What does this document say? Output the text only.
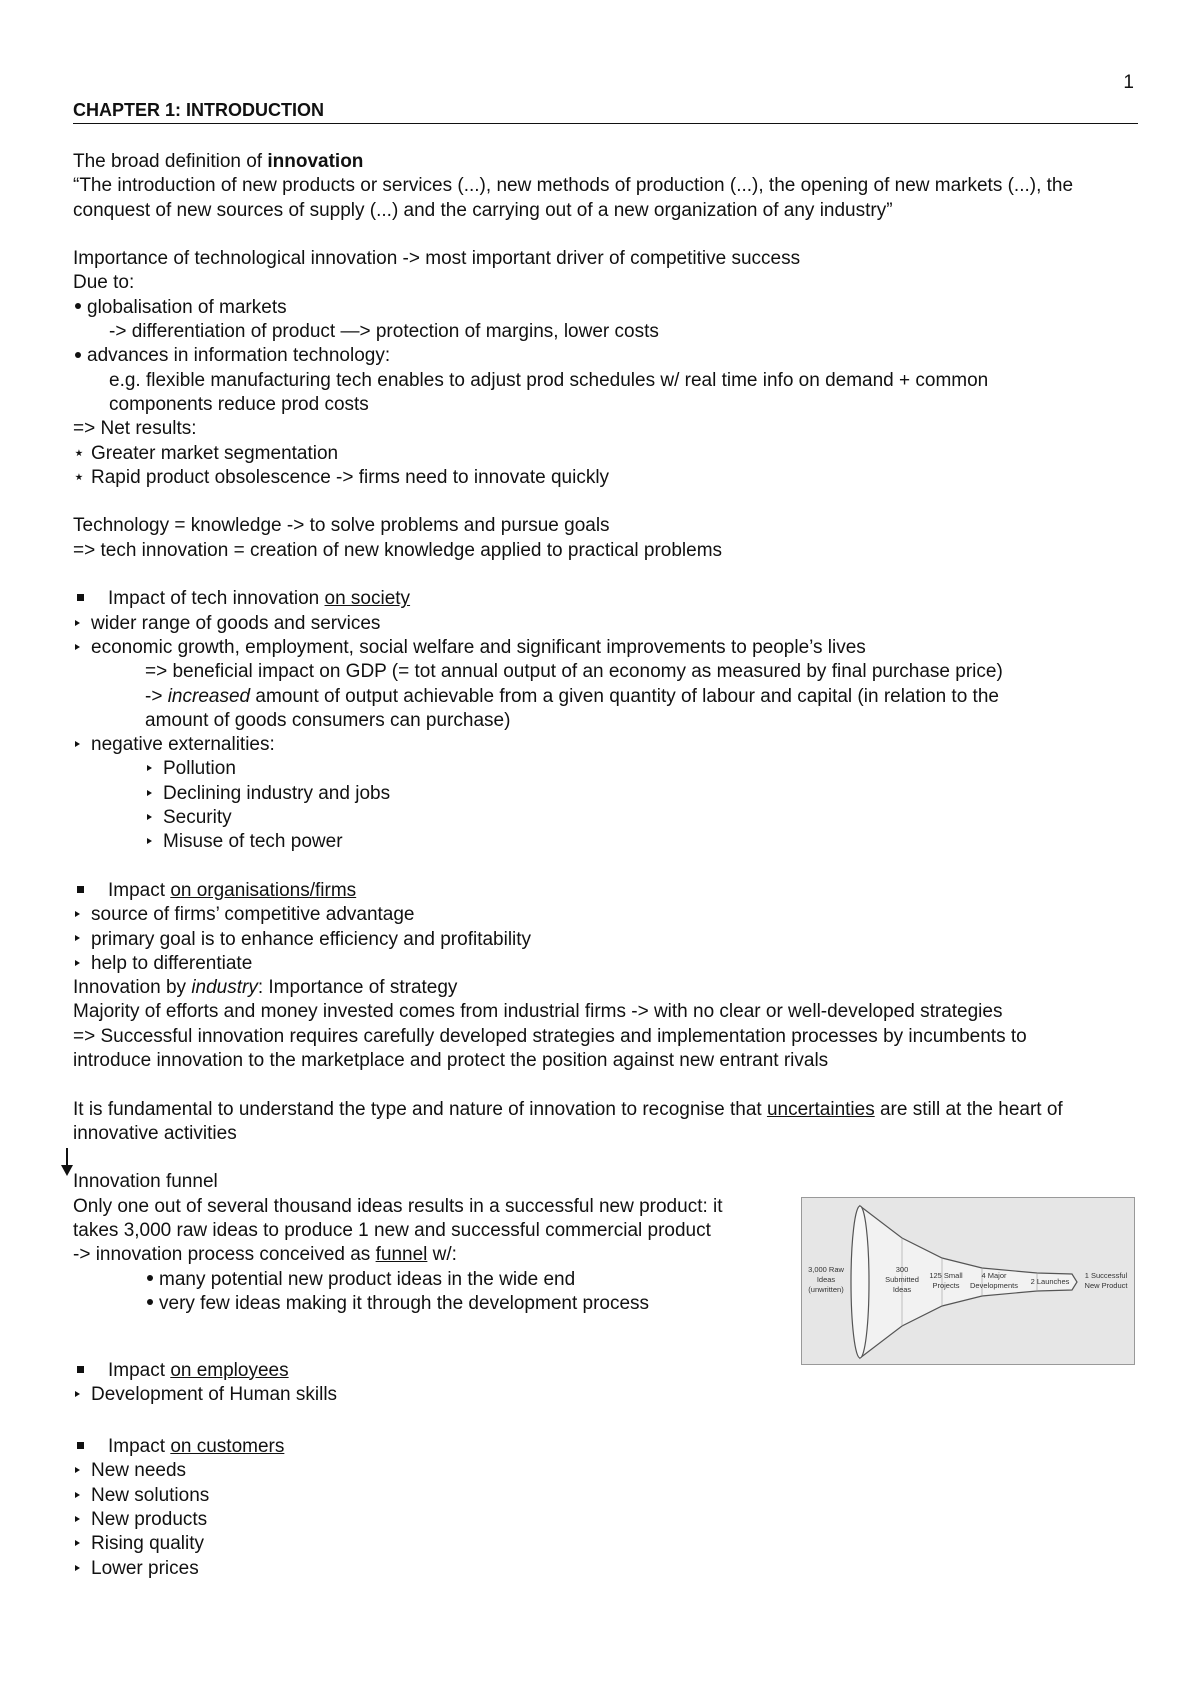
1
CHAPTER 1: INTRODUCTION
The broad definition of innovation
“The introduction of new products or services (...), new methods of production (...), the opening of new markets (...), the
conquest of new sources of supply (...) and the carrying out of a new organization of any industry”
Importance of technological innovation -> most important driver of competitive success
Due to:
globalisation of markets
-> differentiation of product —> protection of margins, lower costs
advances in information technology:
e.g. flexible manufacturing tech enables to adjust prod schedules w/ real time info on demand + common
components reduce prod costs
=> Net results:
⋆ Greater market segmentation
⋆ Rapid product obsolescence -> firms need to innovate quickly
Technology = knowledge -> to solve problems and pursue goals
=> tech innovation = creation of new knowledge applied to practical problems
Impact of tech innovation on society
wider range of goods and services
economic growth, employment, social welfare and significant improvements to people’s lives
=> beneficial impact on GDP (= tot annual output of an economy as measured by final purchase price)
-> increased amount of output achievable from a given quantity of labour and capital (in relation to the
amount of goods consumers can purchase)
negative externalities:
Pollution
Declining industry and jobs
Security
Misuse of tech power
Impact on organisations/firms
source of firms’ competitive advantage
primary goal is to enhance efficiency and profitability
help to differentiate
Innovation by industry: Importance of strategy
Majority of efforts and money invested comes from industrial firms -> with no clear or well-developed strategies
=> Successful innovation requires carefully developed strategies and implementation processes by incumbents to
introduce innovation to the marketplace and protect the position against new entrant rivals
It is fundamental to understand the type and nature of innovation to recognise that uncertainties are still at the heart of
innovative activities
Innovation funnel
Only one out of several thousand ideas results in a successful new product: it
takes 3,000 raw ideas to produce 1 new and successful commercial product
-> innovation process conceived as funnel w/:
many potential new product ideas in the wide end
very few ideas making it through the development process
Impact on employees
Development of Human skills
Impact on customers
New needs
New solutions
New products
Rising quality
Lower prices
3,000 Raw
Ideas
(unwritten)
300
Submitted
Ideas
125 Small
Projects
4 Major
Developments 2 Launches
1 Successful
New Product
